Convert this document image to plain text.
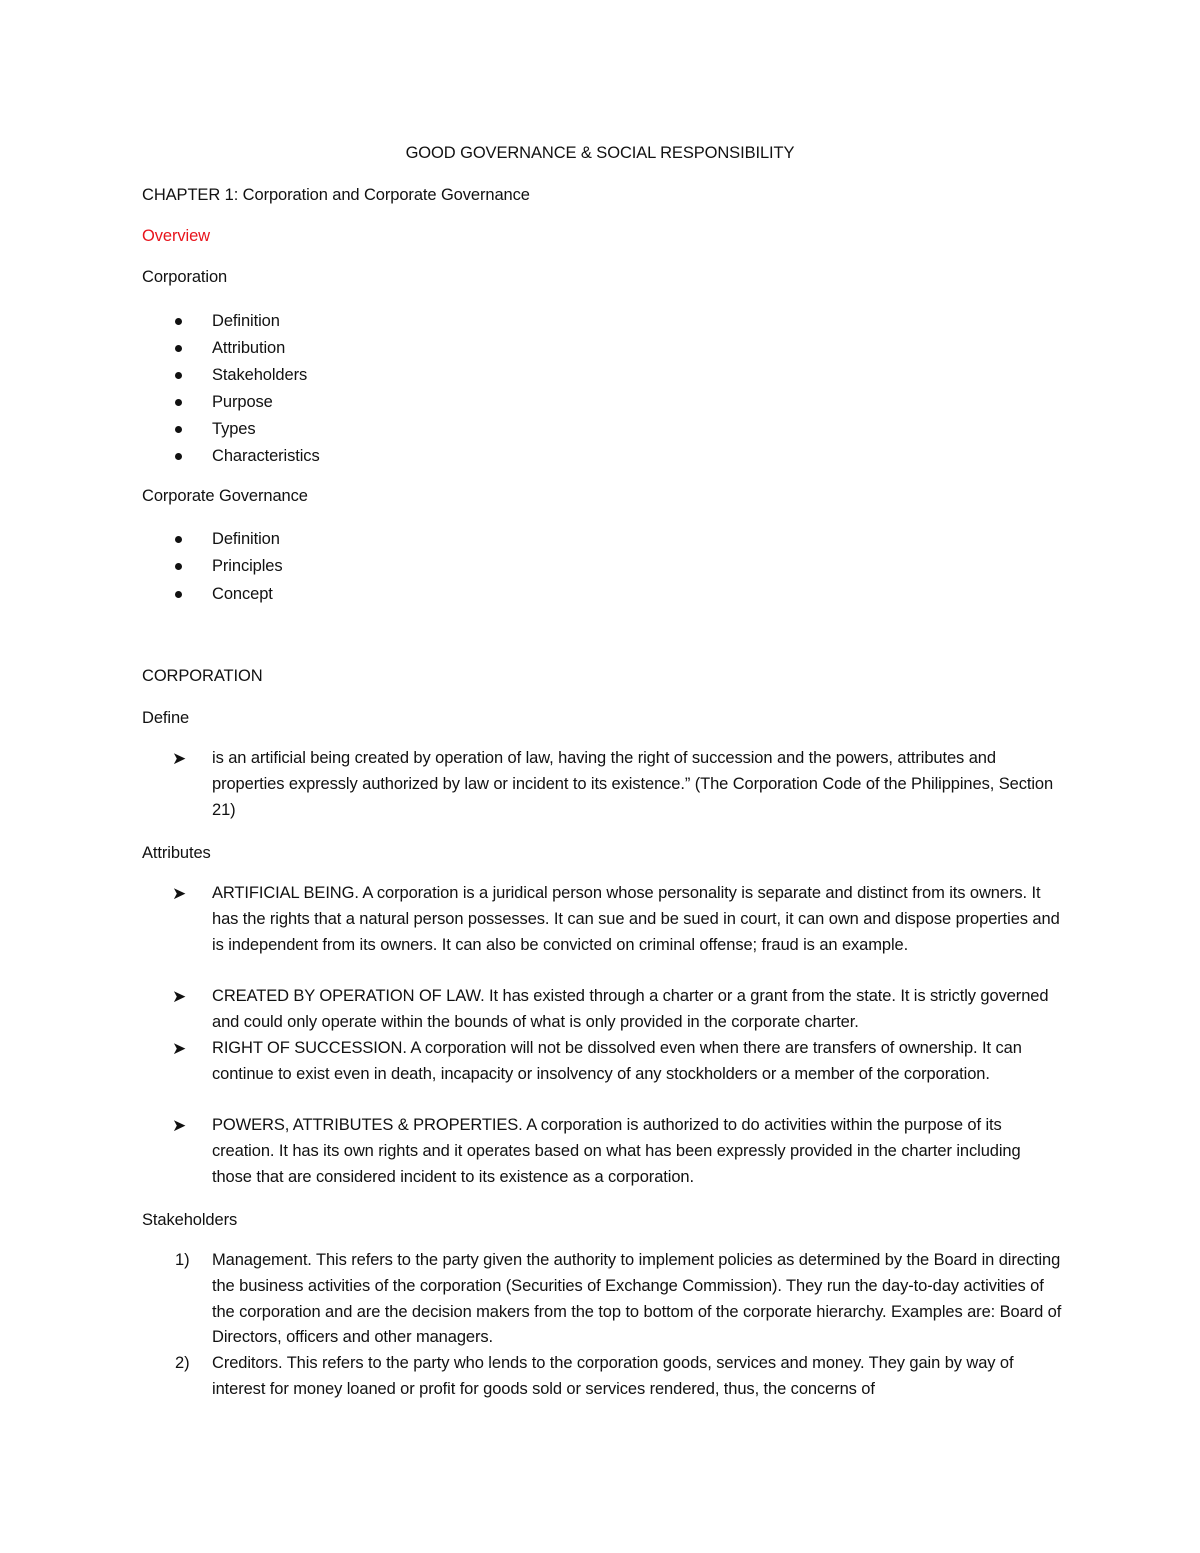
GOOD GOVERNANCE & SOCIAL RESPONSIBILITY
CHAPTER 1: Corporation and Corporate Governance
Overview
Corporation
Definition
Attribution
Stakeholders
Purpose
Types
Characteristics
Corporate Governance
Definition
Principles
Concept
CORPORATION
Define
➤ is an artificial being created by operation of law, having the right of succession and the powers, attributes and properties expressly authorized by law or incident to its existence.” (The Corporation Code of the Philippines, Section 21)
Attributes
➤ ARTIFICIAL BEING. A corporation is a juridical person whose personality is separate and distinct from its owners. It has the rights that a natural person possesses. It can sue and be sued in court, it can own and dispose properties and is independent from its owners. It can also be convicted on criminal offense; fraud is an example.
➤ CREATED BY OPERATION OF LAW. It has existed through a charter or a grant from the state. It is strictly governed and could only operate within the bounds of what is only provided in the corporate charter.
➤ RIGHT OF SUCCESSION. A corporation will not be dissolved even when there are transfers of ownership. It can continue to exist even in death, incapacity or insolvency of any stockholders or a member of the corporation.
➤ POWERS, ATTRIBUTES & PROPERTIES. A corporation is authorized to do activities within the purpose of its creation. It has its own rights and it operates based on what has been expressly provided in the charter including those that are considered incident to its existence as a corporation.
Stakeholders
1) Management. This refers to the party given the authority to implement policies as determined by the Board in directing the business activities of the corporation (Securities of Exchange Commission). They run the day-to-day activities of the corporation and are the decision makers from the top to bottom of the corporate hierarchy. Examples are: Board of Directors, officers and other managers.
2) Creditors. This refers to the party who lends to the corporation goods, services and money. They gain by way of interest for money loaned or profit for goods sold or services rendered, thus, the concerns of
